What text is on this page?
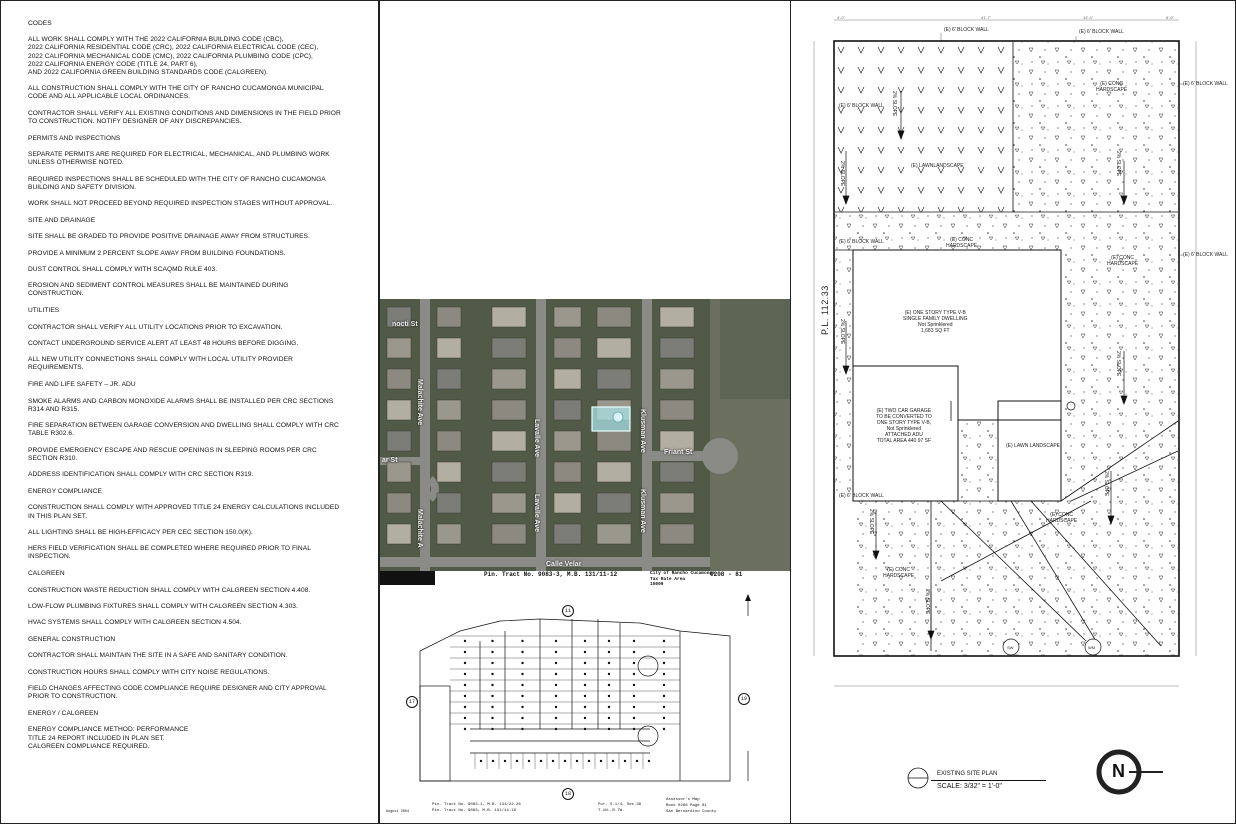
CODES
ALL WORK SHALL COMPLY WITH THE 2022 CALIFORNIA BUILDING CODE (CBC),
2022 CALIFORNIA RESIDENTIAL CODE (CRC), 2022 CALIFORNIA ELECTRICAL CODE (CEC),
2022 CALIFORNIA MECHANICAL CODE (CMC), 2022 CALIFORNIA PLUMBING CODE (CPC),
2022 CALIFORNIA ENERGY CODE (TITLE 24, PART 6),
AND 2022 CALIFORNIA GREEN BUILDING STANDARDS CODE (CALGREEN).
ALL CONSTRUCTION SHALL COMPLY WITH THE CITY OF RANCHO CUCAMONGA MUNICIPAL
CODE AND ALL APPLICABLE LOCAL ORDINANCES.
CONTRACTOR SHALL VERIFY ALL EXISTING CONDITIONS AND DIMENSIONS IN THE FIELD PRIOR
TO CONSTRUCTION. NOTIFY DESIGNER OF ANY DISCREPANCIES.
PERMITS AND INSPECTIONS
SEPARATE PERMITS ARE REQUIRED FOR ELECTRICAL, MECHANICAL, AND PLUMBING WORK
UNLESS OTHERWISE NOTED.
REQUIRED INSPECTIONS SHALL BE SCHEDULED WITH THE CITY OF RANCHO CUCAMONGA
BUILDING AND SAFETY DIVISION.
WORK SHALL NOT PROCEED BEYOND REQUIRED INSPECTION STAGES WITHOUT APPROVAL.
SITE AND DRAINAGE
SITE SHALL BE GRADED TO PROVIDE POSITIVE DRAINAGE AWAY FROM STRUCTURES.
PROVIDE A MINIMUM 2 PERCENT SLOPE AWAY FROM BUILDING FOUNDATIONS.
DUST CONTROL SHALL COMPLY WITH SCAQMD RULE 403.
EROSION AND SEDIMENT CONTROL MEASURES SHALL BE MAINTAINED DURING
CONSTRUCTION.
UTILITIES
CONTRACTOR SHALL VERIFY ALL UTILITY LOCATIONS PRIOR TO EXCAVATION.
CONTACT UNDERGROUND SERVICE ALERT AT LEAST 48 HOURS BEFORE DIGGING.
ALL NEW UTILITY CONNECTIONS SHALL COMPLY WITH LOCAL UTILITY PROVIDER
REQUIREMENTS.
FIRE AND LIFE SAFETY – JR. ADU
SMOKE ALARMS AND CARBON MONOXIDE ALARMS SHALL BE INSTALLED PER CRC SECTIONS
R314 AND R315.
FIRE SEPARATION BETWEEN GARAGE CONVERSION AND DWELLING SHALL COMPLY WITH CRC
TABLE R302.6.
PROVIDE EMERGENCY ESCAPE AND RESCUE OPENINGS IN SLEEPING ROOMS PER CRC
SECTION R310.
ADDRESS IDENTIFICATION SHALL COMPLY WITH CRC SECTION R319.
ENERGY COMPLIANCE
CONSTRUCTION SHALL COMPLY WITH APPROVED TITLE 24 ENERGY CALCULATIONS INCLUDED
IN THIS PLAN SET.
ALL LIGHTING SHALL BE HIGH-EFFICACY PER CEC SECTION 150.0(K).
HERS FIELD VERIFICATION SHALL BE COMPLETED WHERE REQUIRED PRIOR TO FINAL
INSPECTION.
CALGREEN
CONSTRUCTION WASTE REDUCTION SHALL COMPLY WITH CALGREEN SECTION 4.408.
LOW-FLOW PLUMBING FIXTURES SHALL COMPLY WITH CALGREEN SECTION 4.303.
HVAC SYSTEMS SHALL COMPLY WITH CALGREEN SECTION 4.504.
GENERAL CONSTRUCTION
CONTRACTOR SHALL MAINTAIN THE SITE IN A SAFE AND SANITARY CONDITION.
CONSTRUCTION HOURS SHALL COMPLY WITH CITY NOISE REGULATIONS.
FIELD CHANGES AFFECTING CODE COMPLIANCE REQUIRE DESIGNER AND CITY APPROVAL
PRIOR TO CONSTRUCTION.
ENERGY / CALGREEN
ENERGY COMPLIANCE METHOD: PERFORMANCE
TITLE 24 REPORT INCLUDED IN PLAN SET.
CALGREEN COMPLIANCE REQUIRED.
nocti St
Malachite Ave
Malachite A
Lavalle Ave
Lavalle Ave
Klusman Ave
Klusman Ave
Friant St
Calle Velar
ar St
Pin. Tract No. 9083-3, M.B. 131/11-12	City of Rancho Cucamonga
Tax Rate Area
15009
0208 - 81
11
17
18
19
August 2004
Pin. Tract No. 9083-1, M.B. 131/22-26
Pin. Tract No. 9083, M.B. 131/14-16
Por. S.1/4, Sec.36
T.1N.,R.7W.
Assessor's Map
Book 0208 Page 81
San Bernardino County
(E) 6' BLOCK WALL	(E) 6' BLOCK WALL
(E) 6' BLOCK WALL
(E) 6' BLOCK WALL
(E) 6' BLOCK WALL
(E) 6' BLOCK WALL
(E) 6' BLOCK WALL
(E) LAWNLANDSCAPE
(E) LAWN LANDSCAPE
(E) CONC
HARDSCAPE
(E) CONC
HARDSCAPE
(E) CONC
HARDSCAPE
(E) CONC
HARDSCAPE
(E) CONC
HARDSCAPE
2% SLOPE
2% SLOPE	2% SLOPE
2% SLOPE
2% SLOPE
2% SLOPE
2% SLOPE
2% SLOPE
(E) ONE STORY TYPE V-B
SINGLE FAMILY DWELLING
Not Sprinklered
1,683 SQ FT
(E) TWO CAR GARAGE
TO BE CONVERTED TO
ONE STORY TYPE V-B,
Not Sprinklered
ATTACHED ADU
TOTAL AREA 440.97 SF
P.L. 112.33
SW	WM
4'-0"	41'-7"	19'-4"	8'-0"
EXISTING SITE PLAN
SCALE: 3/32" = 1'-0"
N
